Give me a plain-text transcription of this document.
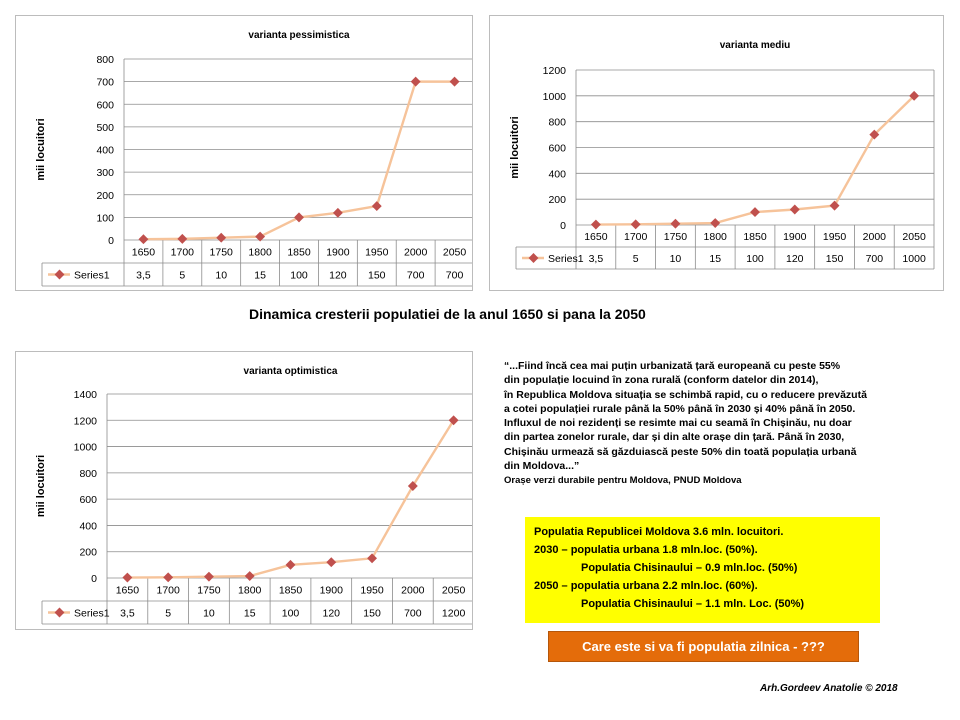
varianta pessimistica
mii locuitori
0
100
200
300
400
500
600
700
800
1650
3,5
1700
5
1750
10
1800
15
1850
100
1900
120
1950
150
2000
700
2050
700
Series1
varianta mediu
mii locuitori
0
200
400
600
800
1000
1200
1650
3,5
1700
5
1750
10
1800
15
1850
100
1900
120
1950
150
2000
700
2050
1000
Series1
varianta optimistica
mii locuitori
0
200
400
600
800
1000
1200
1400
1650
3,5
1700
5
1750
10
1800
15
1850
100
1900
120
1950
150
2000
700
2050
1200
Series1
Dinamica cresterii populatiei de la anul 1650 si pana la 2050
“...Fiind încă cea mai puțin urbanizată țară europeană cu peste 55%
din populație locuind în zona rurală (conform datelor din 2014),
în Republica Moldova situația se schimbă rapid, cu o reducere prevăzută
a cotei populației rurale până la 50% până în 2030 și 40% până în 2050.
Influxul de noi rezidenți se resimte mai cu seamă în Chișinău, nu doar
din partea zonelor rurale, dar și din alte orașe din țară. Până în 2030,
Chișinău urmează să găzduiască peste 50% din toată populația urbană
din Moldova...”
Orașe verzi durabile pentru Moldova, PNUD Moldova
Populatia Republicei Moldova 3.6 mln. locuitori.
2030 – populatia urbana 1.8 mln.loc. (50%).
Populatia Chisinaului – 0.9 mln.loc. (50%)
2050 – populatia urbana 2.2 mln.loc. (60%).
Populatia Chisinaului – 1.1 mln. Loc. (50%)
Care este si va fi populatia zilnica - ???
Arh.Gordeev Anatolie © 2018
